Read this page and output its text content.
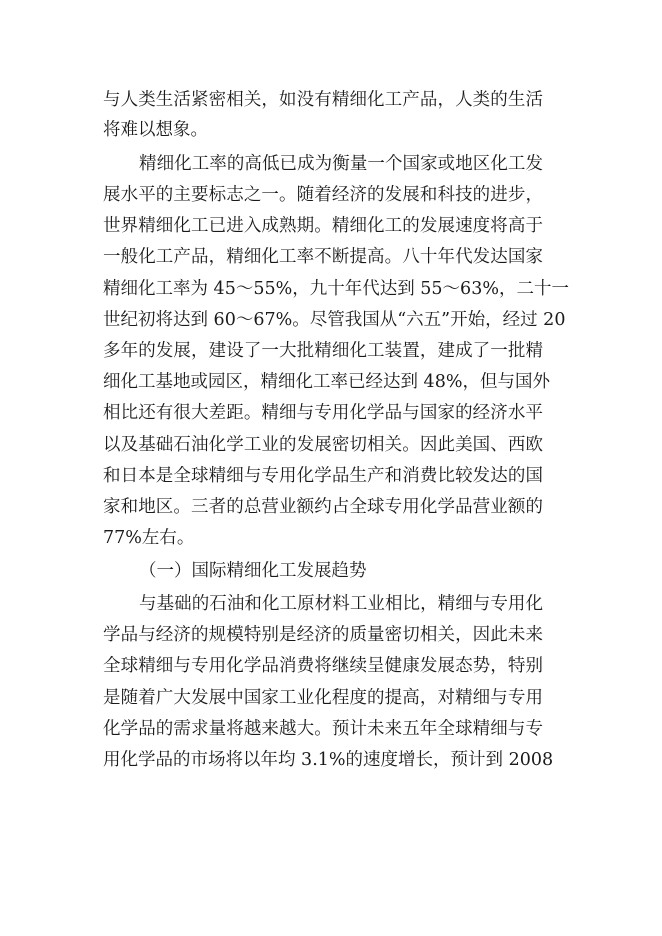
与人类生活紧密相关，如没有精细化工产品，人类的生活

将难以想象。

精细化工率的高低已成为衡量一个国家或地区化工发

展水平的主要标志之一。随着经济的发展和科技的进步，

世界精细化工已进入成熟期。精细化工的发展速度将高于

一般化工产品，精细化工率不断提高。八十年代发达国家

精细化工率为 45～55%，九十年代达到 55～63%，二十一

世纪初将达到 60～67%。尽管我国从“六五”开始，经过 20

多年的发展，建设了一大批精细化工装置，建成了一批精

细化工基地或园区，精细化工率已经达到 48%，但与国外

相比还有很大差距。精细与专用化学品与国家的经济水平

以及基础石油化学工业的发展密切相关。因此美国、西欧

和日本是全球精细与专用化学品生产和消费比较发达的国

家和地区。三者的总营业额约占全球专用化学品营业额的

77%左右。

（一）国际精细化工发展趋势

与基础的石油和化工原材料工业相比，精细与专用化

学品与经济的规模特别是经济的质量密切相关，因此未来

全球精细与专用化学品消费将继续呈健康发展态势，特别

是随着广大发展中国家工业化程度的提高，对精细与专用

化学品的需求量将越来越大。预计未来五年全球精细与专

用化学品的市场将以年均 3.1%的速度增长，预计到 2008
